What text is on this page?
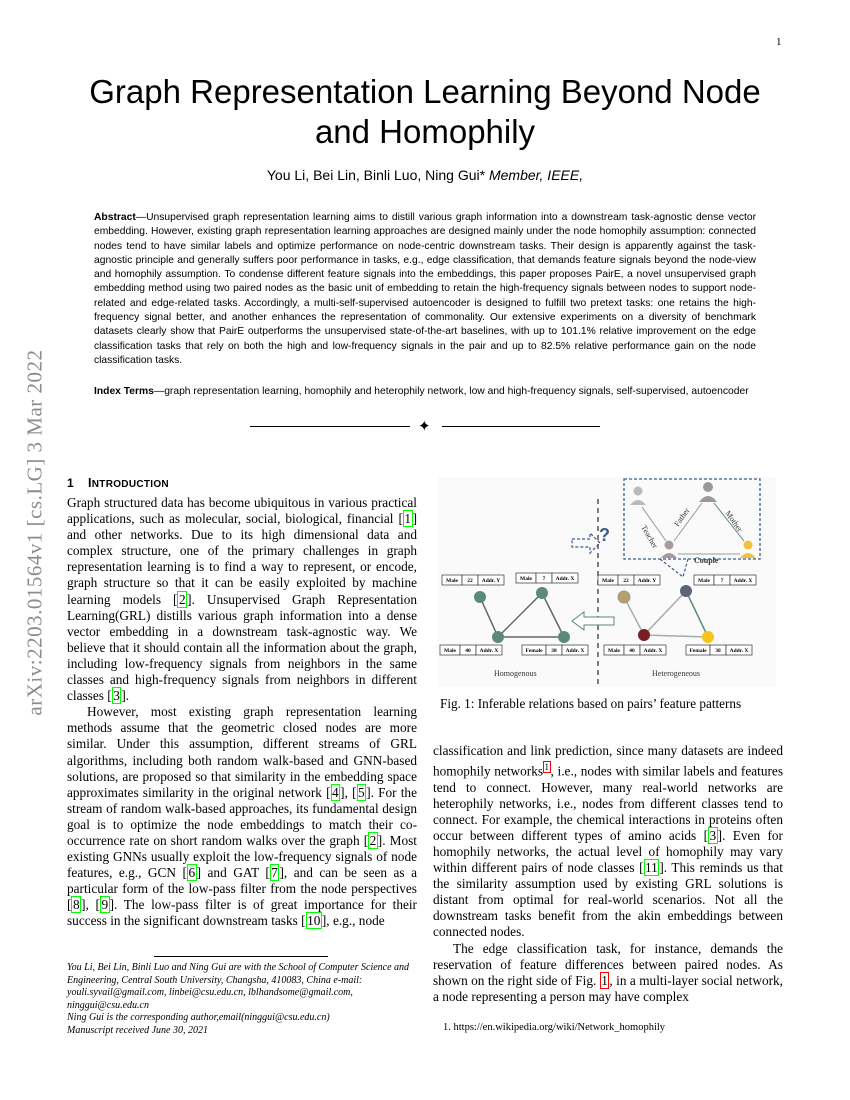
1
arXiv:2203.01564v1 [cs.LG] 3 Mar 2022
Graph Representation Learning Beyond Node and Homophily
You Li, Bei Lin, Binli Luo, Ning Gui* Member, IEEE,
Abstract—Unsupervised graph representation learning aims to distill various graph information into a downstream task-agnostic dense vector embedding. However, existing graph representation learning approaches are designed mainly under the node homophily assumption: connected nodes tend to have similar labels and optimize performance on node-centric downstream tasks. Their design is apparently against the task-agnostic principle and generally suffers poor performance in tasks, e.g., edge classification, that demands feature signals beyond the node-view and homophily assumption. To condense different feature signals into the embeddings, this paper proposes PairE, a novel unsupervised graph embedding method using two paired nodes as the basic unit of embedding to retain the high-frequency signals between nodes to support node-related and edge-related tasks. Accordingly, a multi-self-supervised autoencoder is designed to fulfill two pretext tasks: one retains the high-frequency signal better, and another enhances the representation of commonality. Our extensive experiments on a diversity of benchmark datasets clearly show that PairE outperforms the unsupervised state-of-the-art baselines, with up to 101.1% relative improvement on the edge classification tasks that rely on both the high and low-frequency signals in the pair and up to 82.5% relative performance gain on the node classification tasks.
Index Terms—graph representation learning, homophily and heterophily network, low and high-frequency signals, self-supervised, autoencoder
✦
1 INTRODUCTION

Graph structured data has become ubiquitous in various practical applications, such as molecular, social, biological, financial [ 1 ] and other networks. Due to its high dimensional data and complex structure, one of the primary challenges in graph representation learning is to find a way to represent, or encode, graph structure so that it can be easily exploited by machine learning models [ 2 ]. Unsupervised Graph Representation Learning(GRL) distills various graph information into a dense vector embedding in a downstream task-agnostic way. We believe that it should contain all the information about the graph, including low-frequency signals from neighbors in the same classes and high-frequency signals from neighbors in different classes [ 3 ].

However, most existing graph representation learning methods assume that the geometric closed nodes are more similar. Under this assumption, different streams of GRL algorithms, including both random walk-based and GNN-based solutions, are proposed so that similarity in the embedding space approximates similarity in the original network [ 4 ], [ 5 ]. For the stream of random walk-based approaches, its fundamental design goal is to optimize the node embeddings to match their co-occurrence rate on short random walks over the graph [ 2 ]. Most existing GNNs usually exploit the low-frequency signals of node features, e.g., GCN [ 6 ] and GAT [ 7 ], and can be seen as a particular form of the low-pass filter from the node perspectives [ 8 ], [ 9 ]. The low-pass filter is of great importance for their success in the significant downstream tasks [ 10 ], e.g., node

You Li, Bei Lin, Binli Luo and Ning Gui are with the School of Computer Science and Engineering, Central South University, Changsha, 410083, China e-mail: youli.syvail@gmail.com, linbei@csu.edu.cn, lblhandsome@gmail.com, ninggui@csu.edu.cn
Ning Gui is the corresponding author,email(ninggui@csu.edu.cn)
Manuscript received June 30, 2021
?	Teacher
Father	Mother
Couple
Male 22 Addr. Y	Male 7 Addr. X
Male 40 Addr. X	Female 38 Addr. X
Male 22 Addr. Y	Male 7 Addr. X
Male 40 Addr. X	Female 38 Addr. X
Homogenous	Heterogeneous
Fig. 1: Inferable relations based on pairs’ feature patterns

classification and link prediction, since many datasets are indeed homophily networks $^1$ , i.e., nodes with similar labels and features tend to connect. However, many real-world networks are heterophily networks, i.e., nodes from different classes tend to connect. For example, the chemical interactions in proteins often occur between different types of amino acids [ 3 ]. Even for homophily networks, the actual level of homophily may vary within different pairs of node classes [ 11 ]. This reminds us that the similarity assumption used by existing GRL solutions is distant from optimal for real-world scenarios. Not all the downstream tasks benefit from the akin embeddings between connected nodes.

The edge classification task, for instance, demands the reservation of feature differences between paired nodes. As shown on the right side of Fig. 1 , in a multi-layer social network, a node representing a person may have complex

1. https://en.wikipedia.org/wiki/Network_homophily
